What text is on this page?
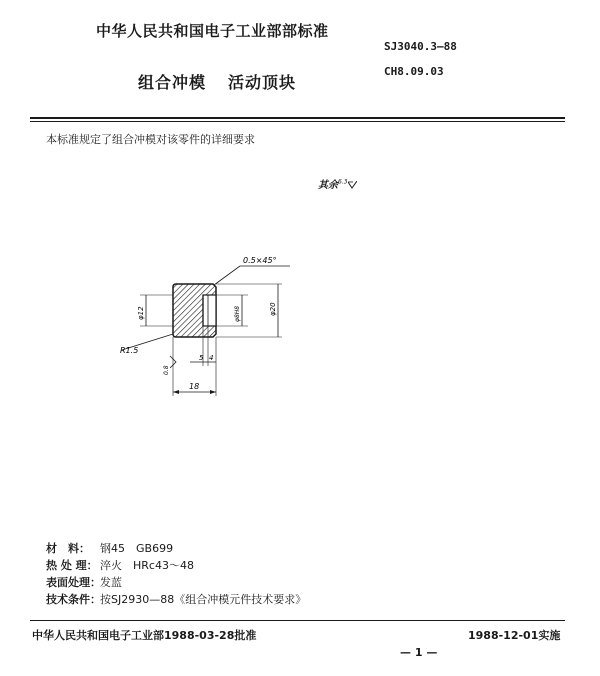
中华人民共和国电子工业部部标准
SJ3040.3—88
组合冲模 活动顶块
CH8.09.03
本标准规定了组合冲模对该零件的详细要求
其余$^{6.3}$
0.5×45°
φ12	φ8H8	φ20
R1.5
0.8
5 4
18
材　料： 钢45　GB699
热 处 理： 淬火　HRc43～48
表面处理：发蓝
技术条件：按SJ2930—88《组合冲模元件技术要求》
中华人民共和国电子工业部1988-03-28批准	1988-12-01实施
— 1 —
